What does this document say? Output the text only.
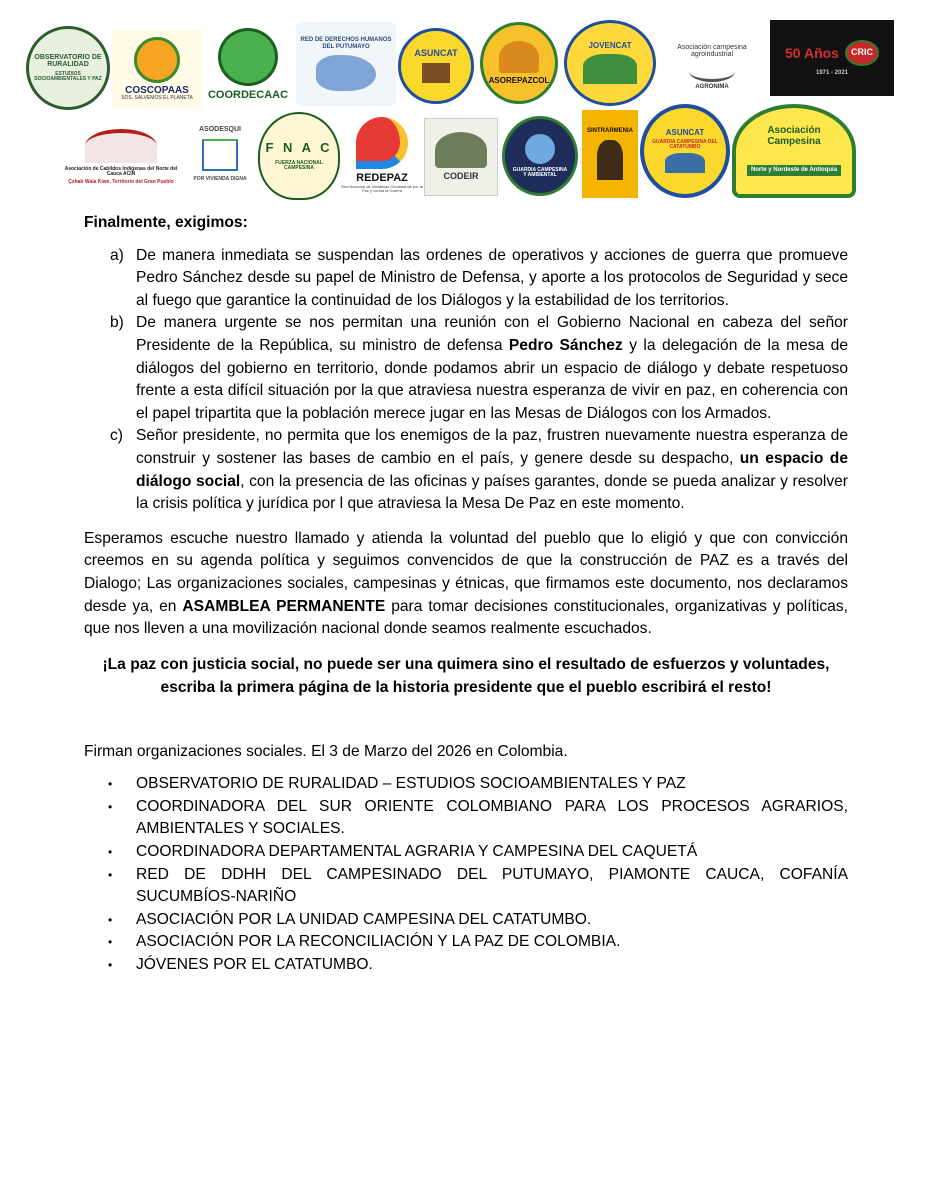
OBSERVATORIO DE RURALIDAD
ESTUDIOS SOCIOAMBIENTALES Y PAZ
COSCOPAAS
SOS. SALVEMOS EL PLANETA COORDECAAC
RED DE DERECHOS HUMANOS DEL PUTUMAYO
ASUNCAT
ASOREPAZCOL
JOVENCAT	Asociación campesina agroindustrial
AGRONIMA
50 Años	CRIC
1971 - 2021
Asociación de Cabildos Indígenas del Norte del Cauca ACIN
Çxhab Wala Kiwe, Territorio del Gran Pueblo
ASODESQUI
POR VIVIENDA DIGNA
F N A C
FUERZA NACIONAL CAMPESINA
REDEPAZ
Red Nacional de Iniciativas Ciudadanas por la Paz y contra la Guerra
CODEIR
GUARDIA CAMPESINA Y AMBIENTAL
SINTRARMENIA	ASUNCAT
GUARDIA CAMPESINA DEL CATATUMBO
Asociación Campesina
Norte y Nordeste de Antioquia
Finalmente, exigimos:
a) De manera inmediata se suspendan las ordenes de operativos y acciones de guerra que promueve Pedro Sánchez desde su papel de Ministro de Defensa, y aporte a los protocolos de Seguridad y sece al fuego que garantice la continuidad de los Diálogos y la estabilidad de los territorios.
b) De manera urgente se nos permitan una reunión con el Gobierno Nacional en cabeza del señor Presidente de la República, su ministro de defensa Pedro Sánchez y la delegación de la mesa de diálogos del gobierno en territorio, donde podamos abrir un espacio de diálogo y debate respetuoso frente a esta difícil situación por la que atraviesa nuestra esperanza de vivir en paz, en coherencia con el papel tripartita que la población merece jugar en las Mesas de Diálogos con los Armados.
c) Señor presidente, no permita que los enemigos de la paz, frustren nuevamente nuestra esperanza de construir y sostener las bases de cambio en el país, y genere desde su despacho, un espacio de diálogo social, con la presencia de las oficinas y países garantes, donde se pueda analizar y resolver la crisis política y jurídica por l que atraviesa la Mesa De Paz en este momento.
Esperamos escuche nuestro llamado y atienda la voluntad del pueblo que lo eligió y que con convicción creemos en su agenda política y seguimos convencidos de que la construcción de PAZ es a través del Dialogo; Las organizaciones sociales, campesinas y étnicas, que firmamos este documento, nos declaramos desde ya, en ASAMBLEA PERMANENTE para tomar decisiones constitucionales, organizativas y políticas, que nos lleven a una movilización nacional donde seamos realmente escuchados.
¡La paz con justicia social, no puede ser una quimera sino el resultado de esfuerzos y voluntades, escriba la primera página de la historia presidente que el pueblo escribirá el resto!
Firman organizaciones sociales. El 3 de Marzo del 2026 en Colombia.
• OBSERVATORIO DE RURALIDAD – ESTUDIOS SOCIOAMBIENTALES Y PAZ
• COORDINADORA DEL SUR ORIENTE COLOMBIANO PARA LOS PROCESOS AGRARIOS, AMBIENTALES Y SOCIALES.
• COORDINADORA DEPARTAMENTAL AGRARIA Y CAMPESINA DEL CAQUETÁ
• RED DE DDHH DEL CAMPESINADO DEL PUTUMAYO, PIAMONTE CAUCA, COFANÍA SUCUMBÍOS-NARIÑO
• ASOCIACIÓN POR LA UNIDAD CAMPESINA DEL CATATUMBO.
• ASOCIACIÓN POR LA RECONCILIACIÓN Y LA PAZ DE COLOMBIA.
• JÓVENES POR EL CATATUMBO.
